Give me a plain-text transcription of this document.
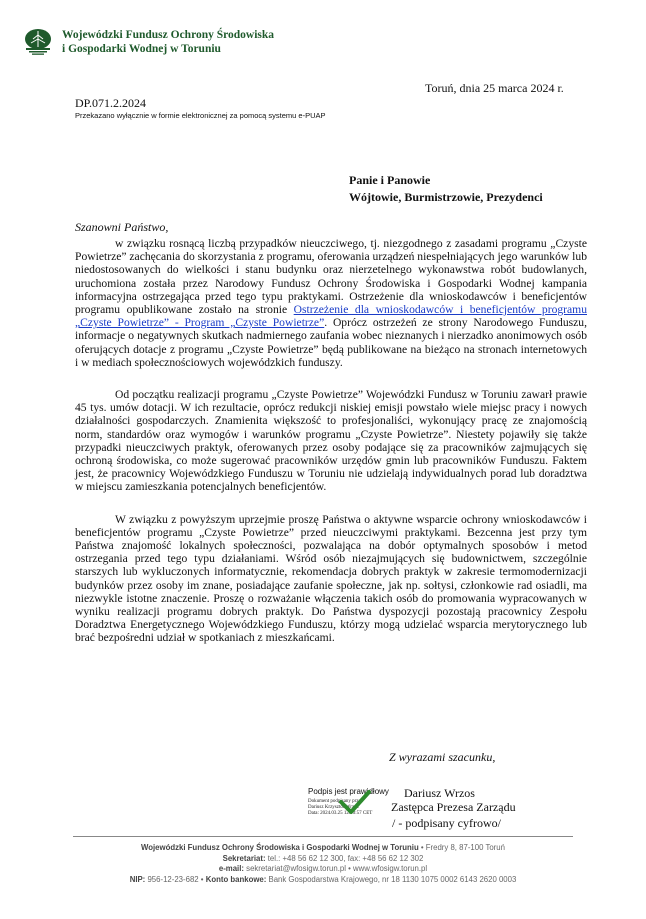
Wojewódzki Fundusz Ochrony Środowiska
i Gospodarki Wodnej w Toruniu
Toruń, dnia 25 marca 2024 r.
DP.071.2.2024
Przekazano wyłącznie w formie elektronicznej za pomocą systemu e-PUAP
Panie i Panowie
Wójtowie, Burmistrzowie, Prezydenci
Szanowni Państwo,

w związku rosnącą liczbą przypadków nieuczciwego, tj. niezgodnego z zasadami programu „Czyste Powietrze” zachęcania do skorzystania z programu, oferowania urządzeń niespełniających jego warunków lub niedostosowanych do wielkości i stanu budynku oraz nierzetelnego wykonawstwa robót budowlanych, uruchomiona została przez Narodowy Fundusz Ochrony Środowiska i Gospodarki Wodnej kampania informacyjna ostrzegająca przed tego typu praktykami. Ostrzeżenie dla wnioskodawców i beneficjentów programu opublikowane zostało na stronie Ostrzeżenie dla wnioskodawców i beneficjentów programu „Czyste Powietrze” - Program „Czyste Powietrze”. Oprócz ostrzeżeń ze strony Narodowego Funduszu, informacje o negatywnych skutkach nadmiernego zaufania wobec nieznanych i nierzadko anonimowych osób oferujących dotacje z programu „Czyste Powietrze” będą publikowane na bieżąco na stronach internetowych i w mediach społecznościowych wojewódzkich funduszy.

Od początku realizacji programu „Czyste Powietrze” Wojewódzki Fundusz w Toruniu zawarł prawie 45 tys. umów dotacji. W ich rezultacie, oprócz redukcji niskiej emisji powstało wiele miejsc pracy i nowych działalności gospodarczych. Znamienita większość to profesjonaliści, wykonujący pracę ze znajomością norm, standardów oraz wymogów i warunków programu „Czyste Powietrze”. Niestety pojawiły się także przypadki nieuczciwych praktyk, oferowanych przez osoby podające się za pracowników zajmujących się ochroną środowiska, co może sugerować pracowników urzędów gmin lub pracowników Funduszu. Faktem jest, że pracownicy Wojewódzkiego Funduszu w Toruniu nie udzielają indywidualnych porad lub doradztwa w miejscu zamieszkania potencjalnych beneficjentów.

W związku z powyższym uprzejmie proszę Państwa o aktywne wsparcie ochrony wnioskodawców i beneficjentów programu „Czyste Powietrze” przed nieuczciwymi praktykami. Bezcenna jest przy tym Państwa znajomość lokalnych społeczności, pozwalająca na dobór optymalnych sposobów i metod ostrzegania przed tego typu działaniami. Wśród osób niezajmujących się budownictwem, szczególnie starszych lub wykluczonych informatycznie, rekomendacja dobrych praktyk w zakresie termomodernizacji budynków przez osoby im znane, posiadające zaufanie społeczne, jak np. sołtysi, członkowie rad osiadli, ma niezwykle istotne znaczenie. Proszę o rozważanie włączenia takich osób do promowania wypracowanych w wyniku realizacji programu dobrych praktyk. Do Państwa dyspozycji pozostają pracownicy Zespołu Doradztwa Energetycznego Wojewódzkiego Funduszu, którzy mogą udzielać wsparcia merytorycznego lub brać bezpośredni udział w spotkaniach z mieszkańcami.

Z wyrazami szacunku,
Podpis jest prawidłowy
Dokument podpisany przez
Dariusz Krzysztof Wrzos
Data: 2024.03.25 12:10:57 CET
Dariusz Wrzos
Zastępca Prezesa Zarządu
/ - podpisany cyfrowo/
Wojewódzki Fundusz Ochrony Środowiska i Gospodarki Wodnej w Toruniu • Fredry 8, 87-100 Toruń
Sekretariat: tel.: +48 56 62 12 300, fax: +48 56 62 12 302
e-mail: sekretariat@wfosigw.torun.pl • www.wfosigw.torun.pl
NIP: 956-12-23-682 • Konto bankowe: Bank Gospodarstwa Krajowego, nr 18 1130 1075 0002 6143 2620 0003
